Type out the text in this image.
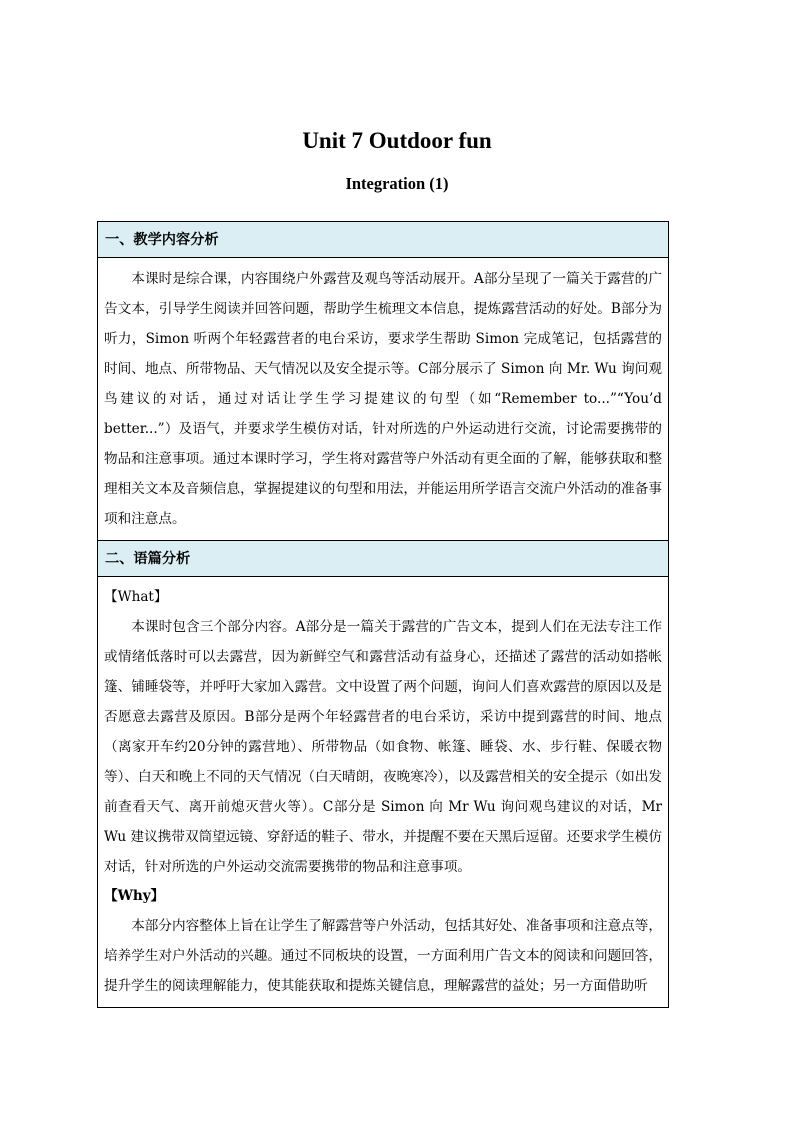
Unit 7 Outdoor fun
Integration (1)
一、教学内容分析

本课时是综合课，内容围绕户外露营及观鸟等活动展开。A部分呈现了一篇关于露营的广告文本，引导学生阅读并回答问题，帮助学生梳理文本信息，提炼露营活动的好处。B部分为听力，Simon 听两个年轻露营者的电台采访，要求学生帮助 Simon 完成笔记，包括露营的时间、地点、所带物品、天气情况以及安全提示等。C部分展示了 Simon 向 Mr. Wu 询问观鸟建议的对话，通过对话让学生学习提建议的句型（如“Remember to...”“You’d better...”）及语气，并要求学生模仿对话，针对所选的户外运动进行交流，讨论需要携带的物品和注意事项。通过本课时学习，学生将对露营等户外活动有更全面的了解，能够获取和整理相关文本及音频信息，掌握提建议的句型和用法，并能运用所学语言交流户外活动的准备事项和注意点。

二、语篇分析

【What】

本课时包含三个部分内容。A部分是一篇关于露营的广告文本，提到人们在无法专注工作或情绪低落时可以去露营，因为新鲜空气和露营活动有益身心，还描述了露营的活动如搭帐篷、铺睡袋等，并呼吁大家加入露营。文中设置了两个问题，询问人们喜欢露营的原因以及是否愿意去露营及原因。B部分是两个年轻露营者的电台采访，采访中提到露营的时间、地点（离家开车约20分钟的露营地）、所带物品（如食物、帐篷、睡袋、水、步行鞋、保暖衣物等）、白天和晚上不同的天气情况（白天晴朗，夜晚寒冷），以及露营相关的安全提示（如出发前查看天气、离开前熄灭营火等）。C部分是 Simon 向 Mr Wu 询问观鸟建议的对话，Mr Wu 建议携带双筒望远镜、穿舒适的鞋子、带水，并提醒不要在天黑后逗留。还要求学生模仿对话，针对所选的户外运动交流需要携带的物品和注意事项。

【Why】

本部分内容整体上旨在让学生了解露营等户外活动，包括其好处、准备事项和注意点等，培养学生对户外活动的兴趣。通过不同板块的设置，一方面利用广告文本的阅读和问题回答，提升学生的阅读理解能力，使其能获取和提炼关键信息，理解露营的益处；另一方面借助听
